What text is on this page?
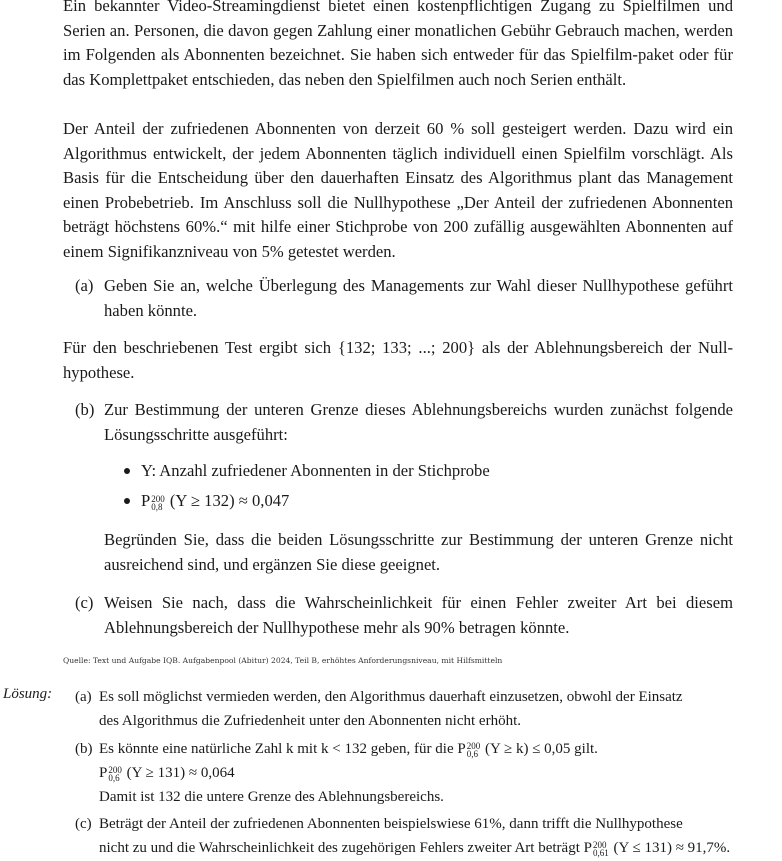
Ein bekannter Video-Streamingdienst bietet einen kostenpflichtigen Zugang zu Spielfilmen und Serien an. Personen, die davon gegen Zahlung einer monatlichen Gebühr Gebrauch machen, werden im Folgenden als Abonnenten bezeichnet. Sie haben sich entweder für das Spielfilm-paket oder für das Komplettpaket entschieden, das neben den Spielfilmen auch noch Serien enthält.

Der Anteil der zufriedenen Abonnenten von derzeit 60 % soll gesteigert werden. Dazu wird ein Algorithmus entwickelt, der jedem Abonnenten täglich individuell einen Spielfilm vorschlägt. Als Basis für die Entscheidung über den dauerhaften Einsatz des Algorithmus plant das Management einen Probebetrieb. Im Anschluss soll die Nullhypothese „Der Anteil der zufriedenen Abonnenten beträgt höchstens 60%.“ mit hilfe einer Stichprobe von 200 zufällig ausgewählten Abonnenten auf einem Signifikanzniveau von 5% getestet werden.

(a) Geben Sie an, welche Überlegung des Managements zur Wahl dieser Nullhypothese geführt haben könnte.

Für den beschriebenen Test ergibt sich {132; 133; ...; 200} als der Ablehnungsbereich der Null-hypothese.

(b) Zur Bestimmung der unteren Grenze dieses Ablehnungsbereichs wurden zunächst folgende Lösungsschritte ausgeführt:
Y: Anzahl zufriedener Abonnenten in der Stichprobe
P 200
0,8 (Y ≥ 132) ≈ 0,047
Begründen Sie, dass die beiden Lösungsschritte zur Bestimmung der unteren Grenze nicht ausreichend sind, und ergänzen Sie diese geeignet.
(c) Weisen Sie nach, dass die Wahrscheinlichkeit für einen Fehler zweiter Art bei diesem Ablehnungsbereich der Nullhypothese mehr als 90% betragen könnte.
Quelle: Text und Aufgabe IQB. Aufgabenpool (Abitur) 2024, Teil B, erhöhtes Anforderungsniveau, mit Hilfsmitteln
Lösung: (a) Es soll möglichst vermieden werden, den Algorithmus dauerhaft einzusetzen, obwohl der Einsatz
des Algorithmus die Zufriedenheit unter den Abonnenten nicht erhöht.
(b) Es könnte eine natürliche Zahl k mit k < 132 geben, für die P 200
0,6 (Y ≥ k) ≤ 0,05 gilt.
P 200
0,6 (Y ≥ 131) ≈ 0,064
Damit ist 132 die untere Grenze des Ablehnungsbereichs.
(c) Beträgt der Anteil der zufriedenen Abonnenten beispielswiese 61%, dann trifft die Nullhypothese
nicht zu und die Wahrscheinlichkeit des zugehörigen Fehlers zweiter Art beträgt P 200
0,61 (Y ≤ 131) ≈ 91,7%.
